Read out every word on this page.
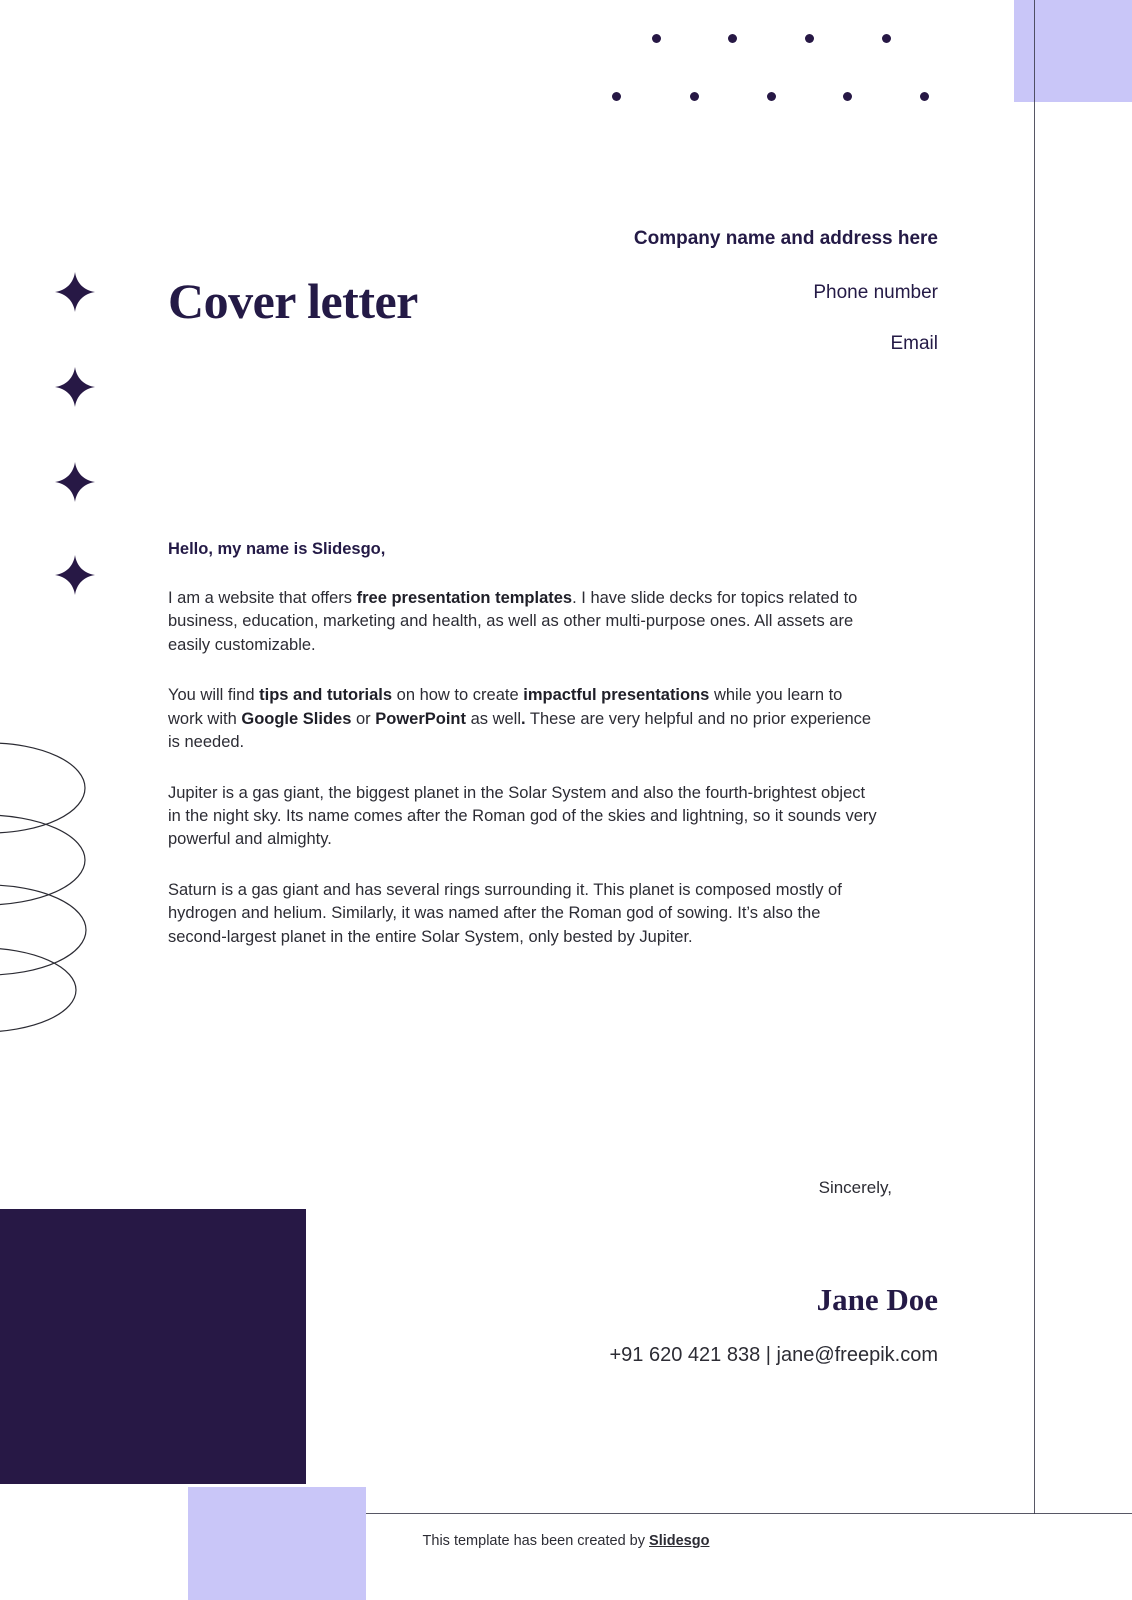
Cover letter
Company name and address here
Phone number
Email
Hello, my name is Slidesgo,

I am a website that offers free presentation templates. I have slide decks for topics related to business, education, marketing and health, as well as other multi-purpose ones. All assets are easily customizable.

You will find tips and tutorials on how to create impactful presentations while you learn to work with Google Slides or PowerPoint as well. These are very helpful and no prior experience is needed.

Jupiter is a gas giant, the biggest planet in the Solar System and also the fourth-brightest object in the night sky. Its name comes after the Roman god of the skies and lightning, so it sounds very powerful and almighty.

Saturn is a gas giant and has several rings surrounding it. This planet is composed mostly of hydrogen and helium. Similarly, it was named after the Roman god of sowing. It’s also the second-largest planet in the entire Solar System, only bested by Jupiter.

Sincerely,
Jane Doe
+91 620 421 838 | jane@freepik.com
This template has been created by Slidesgo
